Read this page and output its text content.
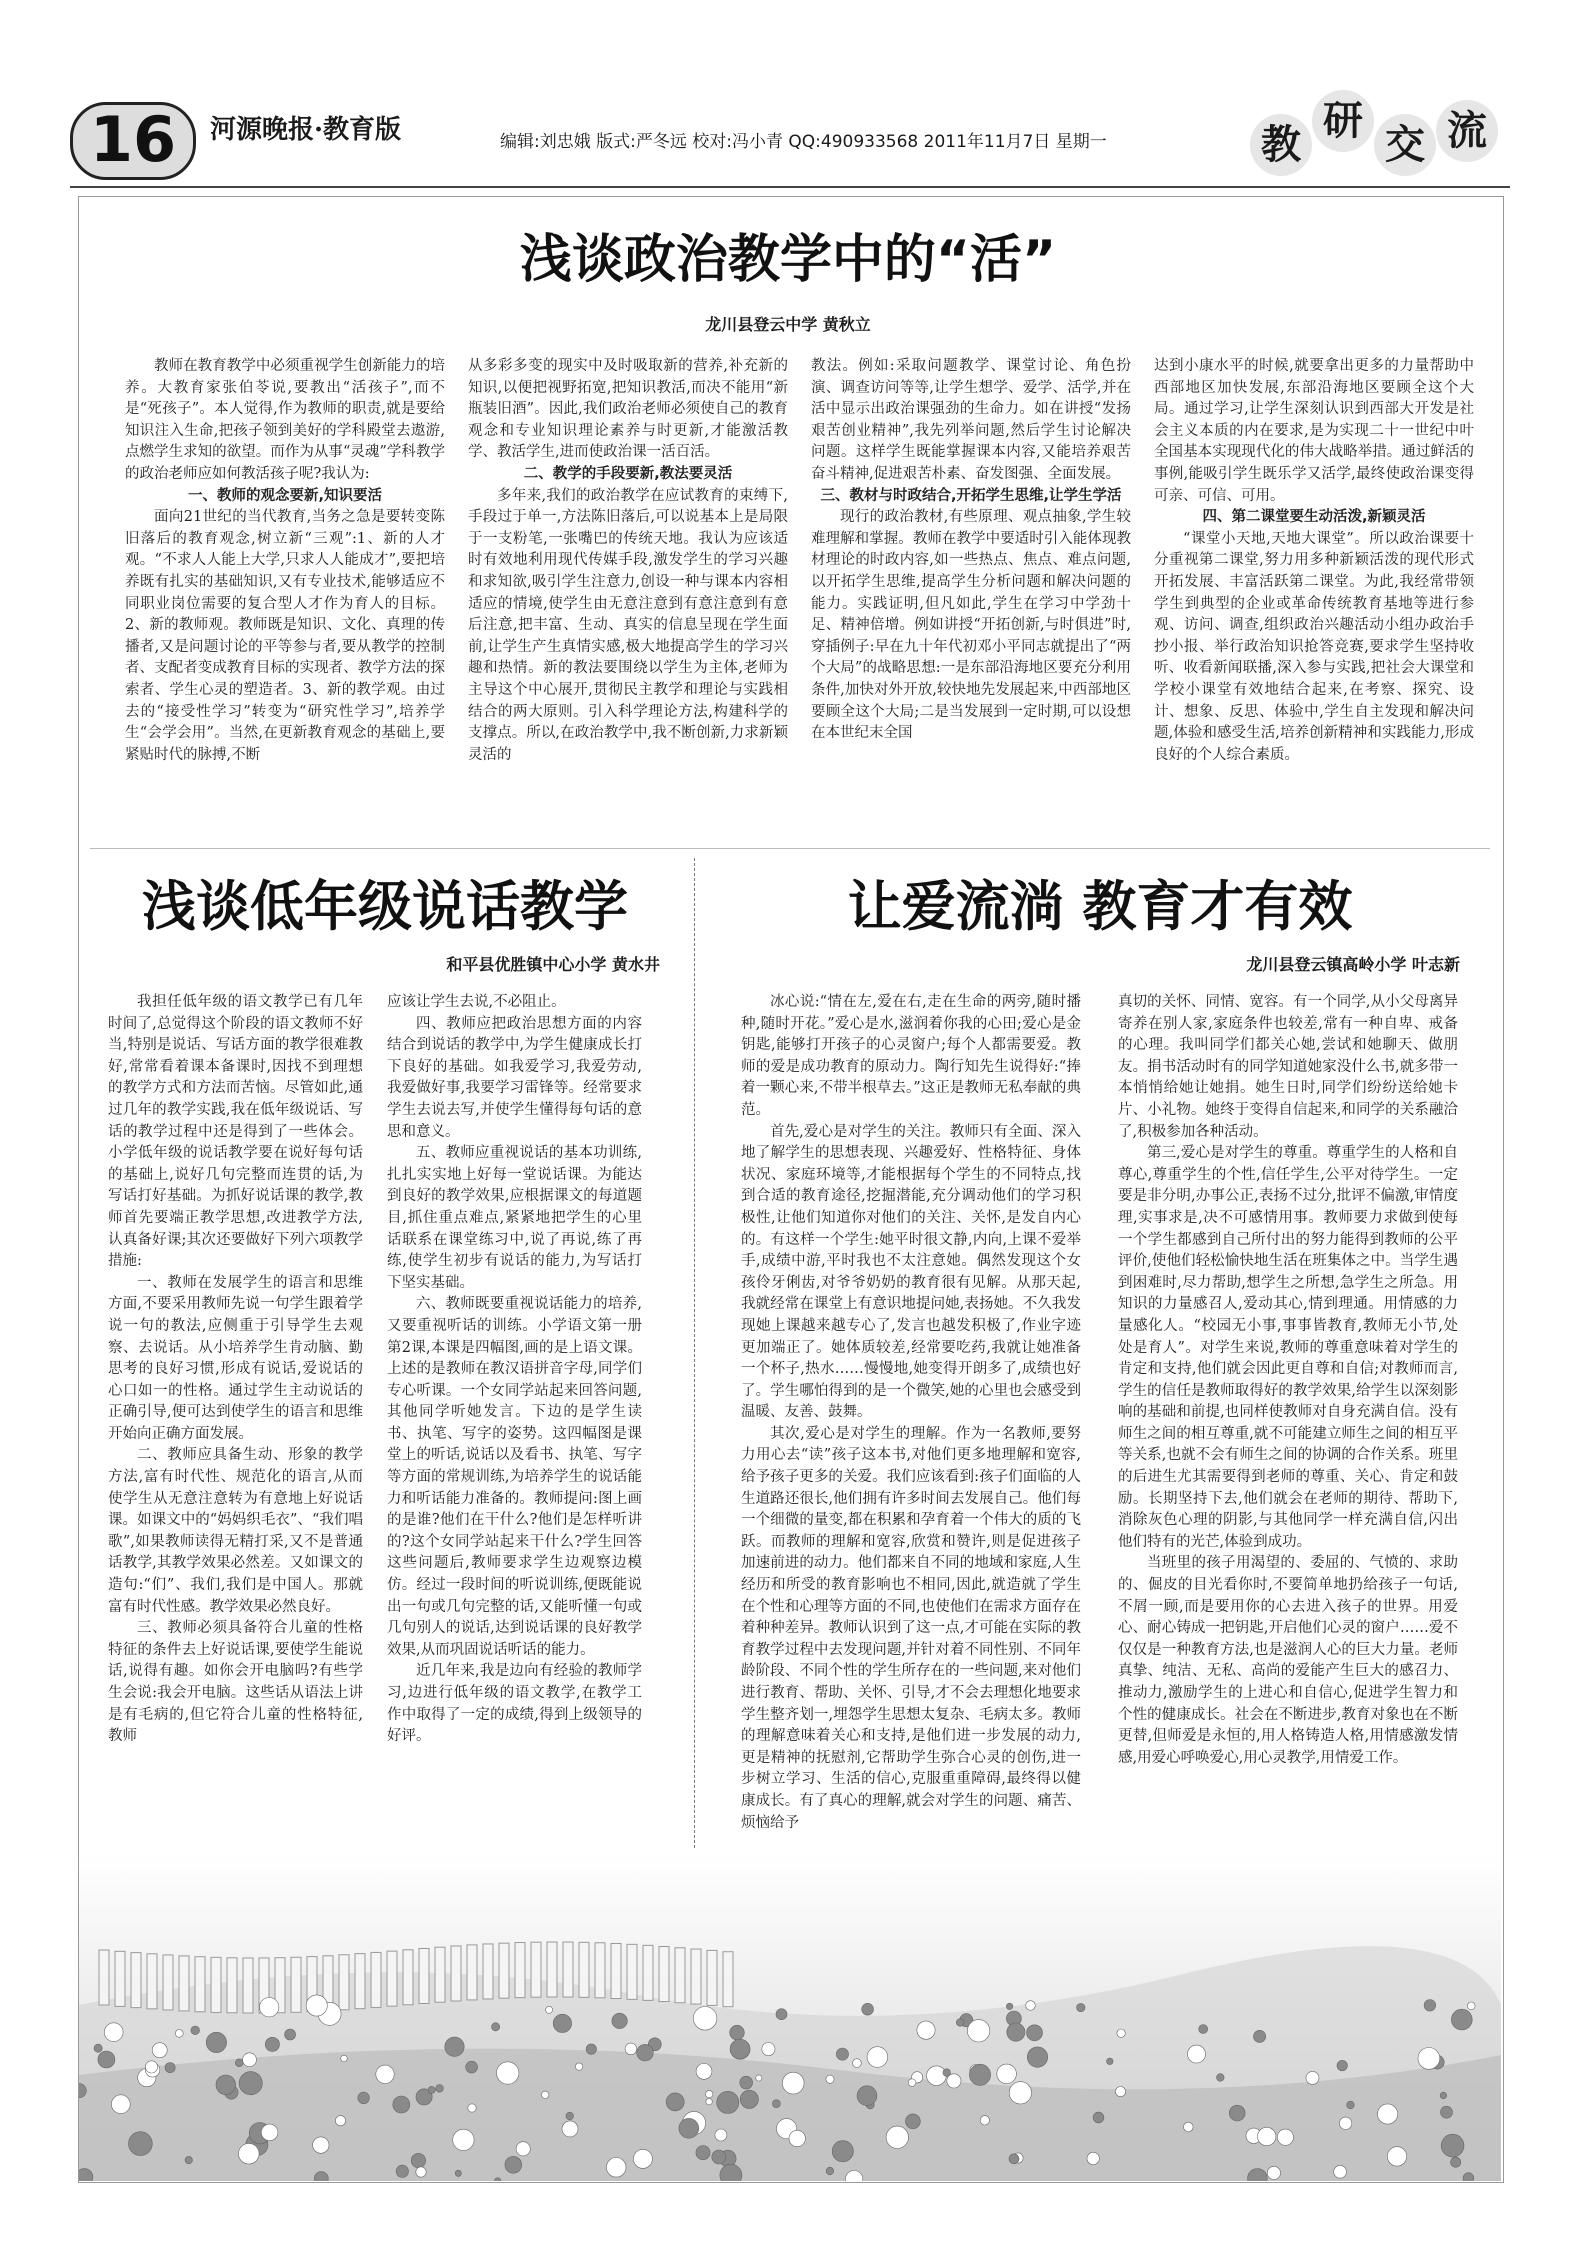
16	河源晚报·教育版	编辑:刘忠娥 版式:严冬远 校对:冯小青 QQ:490933568 2011年11月7日 星期一	教
研
交 流
浅谈政治教学中的“活”
龙川县登云中学 黄秋立

教师在教育教学中必须重视学生创新能力的培养。大教育家张伯苓说,要教出“活孩子”,而不是“死孩子”。本人觉得,作为教师的职责,就是要给知识注入生命,把孩子领到美好的学科殿堂去遨游,点燃学生求知的欲望。而作为从事“灵魂”学科教学的政治老师应如何教活孩子呢?我认为:

一、教师的观念要新,知识要活

面向21世纪的当代教育,当务之急是要转变陈旧落后的教育观念,树立新“三观”:1、新的人才观。“不求人人能上大学,只求人人能成才”,要把培养既有扎实的基础知识,又有专业技术,能够适应不同职业岗位需要的复合型人才作为育人的目标。2、新的教师观。教师既是知识、文化、真理的传播者,又是问题讨论的平等参与者,要从教学的控制者、支配者变成教育目标的实现者、教学方法的探索者、学生心灵的塑造者。3、新的教学观。由过去的“接受性学习”转变为“研究性学习”,培养学生“会学会用”。当然,在更新教育观念的基础上,要紧贴时代的脉搏,不断

从多彩多变的现实中及时吸取新的营养,补充新的知识,以便把视野拓宽,把知识教活,而决不能用“新瓶装旧酒”。因此,我们政治老师必须使自己的教育观念和专业知识理论素养与时更新,才能激活教学、教活学生,进而使政治课一活百活。

二、教学的手段要新,教法要灵活

多年来,我们的政治教学在应试教育的束缚下,手段过于单一,方法陈旧落后,可以说基本上是局限于一支粉笔,一张嘴巴的传统天地。我认为应该适时有效地利用现代传媒手段,激发学生的学习兴趣和求知欲,吸引学生注意力,创设一种与课本内容相适应的情境,使学生由无意注意到有意注意到有意后注意,把丰富、生动、真实的信息呈现在学生面前,让学生产生真情实感,极大地提高学生的学习兴趣和热情。新的教法要围绕以学生为主体,老师为主导这个中心展开,贯彻民主教学和理论与实践相结合的两大原则。引入科学理论方法,构建科学的支撑点。所以,在政治教学中,我不断创新,力求新颖灵活的

教法。例如:采取问题教学、课堂讨论、角色扮演、调查访问等等,让学生想学、爱学、活学,并在活中显示出政治课强劲的生命力。如在讲授“发扬艰苦创业精神”,我先列举问题,然后学生讨论解决问题。这样学生既能掌握课本内容,又能培养艰苦奋斗精神,促进艰苦朴素、奋发图强、全面发展。

三、教材与时政结合,开拓学生思维,让学生学活

现行的政治教材,有些原理、观点抽象,学生较难理解和掌握。教师在教学中要适时引入能体现教材理论的时政内容,如一些热点、焦点、难点问题,以开拓学生思维,提高学生分析问题和解决问题的能力。实践证明,但凡如此,学生在学习中学劲十足、精神倍增。例如讲授“开拓创新,与时俱进”时,穿插例子:早在九十年代初邓小平同志就提出了“两个大局”的战略思想:一是东部沿海地区要充分利用条件,加快对外开放,较快地先发展起来,中西部地区要顾全这个大局;二是当发展到一定时期,可以设想在本世纪末全国

达到小康水平的时候,就要拿出更多的力量帮助中西部地区加快发展,东部沿海地区要顾全这个大局。通过学习,让学生深刻认识到西部大开发是社会主义本质的内在要求,是为实现二十一世纪中叶全国基本实现现代化的伟大战略举措。通过鲜活的事例,能吸引学生既乐学又活学,最终使政治课变得可亲、可信、可用。

四、第二课堂要生动活泼,新颖灵活

“课堂小天地,天地大课堂”。所以政治课要十分重视第二课堂,努力用多种新颖活泼的现代形式开拓发展、丰富活跃第二课堂。为此,我经常带领学生到典型的企业或革命传统教育基地等进行参观、访问、调查,组织政治兴趣活动小组办政治手抄小报、举行政治知识抢答竞赛,要求学生坚持收听、收看新闻联播,深入参与实践,把社会大课堂和学校小课堂有效地结合起来,在考察、探究、设计、想象、反思、体验中,学生自主发现和解决问题,体验和感受生活,培养创新精神和实践能力,形成良好的个人综合素质。

浅谈低年级说话教学
和平县优胜镇中心小学 黄水井

我担任低年级的语文教学已有几年时间了,总觉得这个阶段的语文教师不好当,特别是说话、写话方面的教学很难教好,常常看着课本备课时,因找不到理想的教学方式和方法而苦恼。尽管如此,通过几年的教学实践,我在低年级说话、写话的教学过程中还是得到了一些体会。小学低年级的说话教学要在说好每句话的基础上,说好几句完整而连贯的话,为写话打好基础。为抓好说话课的教学,教师首先要端正教学思想,改进教学方法,认真备好课;其次还要做好下列六项教学措施:

一、教师在发展学生的语言和思维方面,不要采用教师先说一句学生跟着学说一句的教法,应侧重于引导学生去观察、去说话。从小培养学生肯动脑、勤思考的良好习惯,形成有说话,爱说话的心口如一的性格。通过学生主动说话的正确引导,便可达到使学生的语言和思维开始向正确方面发展。

二、教师应具备生动、形象的教学方法,富有时代性、规范化的语言,从而使学生从无意注意转为有意地上好说话课。如课文中的“妈妈织毛衣”、“我们唱歌”,如果教师读得无精打采,又不是普通话教学,其教学效果必然差。又如课文的造句:“们”、我们,我们是中国人。那就富有时代性感。教学效果必然良好。

三、教师必须具备符合儿童的性格特征的条件去上好说话课,要使学生能说话,说得有趣。如你会开电脑吗?有些学生会说:我会开电脑。这些话从语法上讲是有毛病的,但它符合儿童的性格特征,教师

应该让学生去说,不必阻止。

四、教师应把政治思想方面的内容结合到说话的教学中,为学生健康成长打下良好的基础。如我爱学习,我爱劳动,我爱做好事,我要学习雷锋等。经常要求学生去说去写,并使学生懂得每句话的意思和意义。

五、教师应重视说话的基本功训练,扎扎实实地上好每一堂说话课。为能达到良好的教学效果,应根据课文的每道题目,抓住重点难点,紧紧地把学生的心里话联系在课堂练习中,说了再说,练了再练,使学生初步有说话的能力,为写话打下坚实基础。

六、教师既要重视说话能力的培养,又要重视听话的训练。小学语文第一册第2课,本课是四幅图,画的是上语文课。上述的是教师在教汉语拼音字母,同学们专心听课。一个女同学站起来回答问题,其他同学听她发言。下边的是学生读书、执笔、写字的姿势。这四幅图是课堂上的听话,说话以及看书、执笔、写字等方面的常规训练,为培养学生的说话能力和听话能力准备的。教师提问:图上画的是谁?他们在干什么?他们是怎样听讲的?这个女同学站起来干什么?学生回答这些问题后,教师要求学生边观察边模仿。经过一段时间的听说训练,便既能说出一句或几句完整的话,又能听懂一句或几句别人的说话,达到说话课的良好教学效果,从而巩固说话听话的能力。

近几年来,我是边向有经验的教师学习,边进行低年级的语文教学,在教学工作中取得了一定的成绩,得到上级领导的好评。

让爱流淌 教育才有效
龙川县登云镇高岭小学 叶志新

冰心说:“情在左,爱在右,走在生命的两旁,随时播种,随时开花。”爱心是水,滋润着你我的心田;爱心是金钥匙,能够打开孩子的心灵窗户;每个人都需要爱。教师的爱是成功教育的原动力。陶行知先生说得好:“捧着一颗心来,不带半根草去。”这正是教师无私奉献的典范。

首先,爱心是对学生的关注。教师只有全面、深入地了解学生的思想表现、兴趣爱好、性格特征、身体状况、家庭环境等,才能根据每个学生的不同特点,找到合适的教育途径,挖掘潜能,充分调动他们的学习积极性,让他们知道你对他们的关注、关怀,是发自内心的。有这样一个学生:她平时很文静,内向,上课不爱举手,成绩中游,平时我也不太注意她。偶然发现这个女孩伶牙俐齿,对爷爷奶奶的教育很有见解。从那天起,我就经常在课堂上有意识地提问她,表扬她。不久我发现她上课越来越专心了,发言也越发积极了,作业字迹更加端正了。她体质较差,经常要吃药,我就让她准备一个杯子,热水……慢慢地,她变得开朗多了,成绩也好了。学生哪怕得到的是一个微笑,她的心里也会感受到温暖、友善、鼓舞。

其次,爱心是对学生的理解。作为一名教师,要努力用心去“读”孩子这本书,对他们更多地理解和宽容,给予孩子更多的关爱。我们应该看到:孩子们面临的人生道路还很长,他们拥有许多时间去发展自己。他们每一个细微的量变,都在积累和孕育着一个伟大的质的飞跃。而教师的理解和宽容,欣赏和赞许,则是促进孩子加速前进的动力。他们都来自不同的地域和家庭,人生经历和所受的教育影响也不相同,因此,就造就了学生在个性和心理等方面的不同,也使他们在需求方面存在着种种差异。教师认识到了这一点,才可能在实际的教育教学过程中去发现问题,并针对着不同性别、不同年龄阶段、不同个性的学生所存在的一些问题,来对他们进行教育、帮助、关怀、引导,才不会去理想化地要求学生整齐划一,埋怨学生思想太复杂、毛病太多。教师的理解意味着关心和支持,是他们进一步发展的动力,更是精神的抚慰剂,它帮助学生弥合心灵的创伤,进一步树立学习、生活的信心,克服重重障碍,最终得以健康成长。有了真心的理解,就会对学生的问题、痛苦、烦恼给予

真切的关怀、同情、宽容。有一个同学,从小父母离异寄养在别人家,家庭条件也较差,常有一种自卑、戒备的心理。我叫同学们都关心她,尝试和她聊天、做朋友。捐书活动时有的同学知道她家没什么书,就多带一本悄悄给她让她捐。她生日时,同学们纷纷送给她卡片、小礼物。她终于变得自信起来,和同学的关系融洽了,积极参加各种活动。

第三,爱心是对学生的尊重。尊重学生的人格和自尊心,尊重学生的个性,信任学生,公平对待学生。一定要是非分明,办事公正,表扬不过分,批评不偏激,审情度理,实事求是,决不可感情用事。教师要力求做到使每一个学生都感到自己所付出的努力能得到教师的公平评价,使他们轻松愉快地生活在班集体之中。当学生遇到困难时,尽力帮助,想学生之所想,急学生之所急。用知识的力量感召人,爱动其心,情到理通。用情感的力量感化人。“校园无小事,事事皆教育,教师无小节,处处是育人”。对学生来说,教师的尊重意味着对学生的肯定和支持,他们就会因此更自尊和自信;对教师而言,学生的信任是教师取得好的教学效果,给学生以深刻影响的基础和前提,也同样使教师对自身充满自信。没有师生之间的相互尊重,就不可能建立师生之间的相互平等关系,也就不会有师生之间的协调的合作关系。班里的后进生尤其需要得到老师的尊重、关心、肯定和鼓励。长期坚持下去,他们就会在老师的期待、帮助下,消除灰色心理的阴影,与其他同学一样充满自信,闪出他们特有的光芒,体验到成功。

当班里的孩子用渴望的、委屈的、气愤的、求助的、倔皮的目光看你时,不要简单地扔给孩子一句话,不屑一顾,而是要用你的心去进入孩子的世界。用爱心、耐心铸成一把钥匙,开启他们心灵的窗户……爱不仅仅是一种教育方法,也是滋润人心的巨大力量。老师真挚、纯洁、无私、高尚的爱能产生巨大的感召力、推动力,激励学生的上进心和自信心,促进学生智力和个性的健康成长。社会在不断进步,教育对象也在不断更替,但师爱是永恒的,用人格铸造人格,用情感激发情感,用爱心呼唤爱心,用心灵教学,用情爱工作。
